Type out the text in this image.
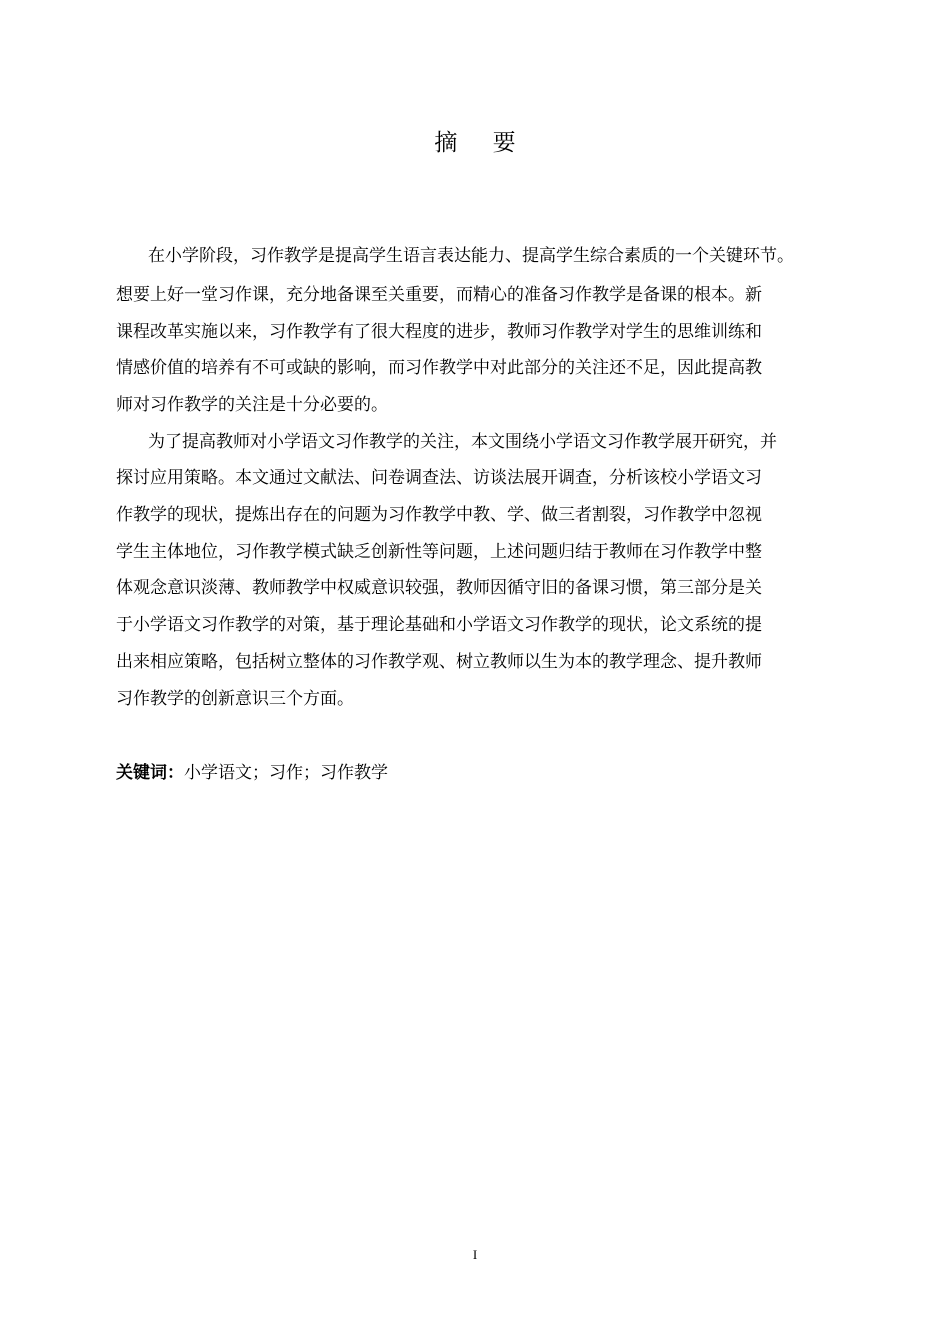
摘 要
在小学阶段，习作教学是提高学生语言表达能力、提高学生综合素质的一个关键环节。
想要上好一堂习作课，充分地备课至关重要，而精心的准备习作教学是备课的根本。新
课程改革实施以来，习作教学有了很大程度的进步，教师习作教学对学生的思维训练和
情感价值的培养有不可或缺的影响，而习作教学中对此部分的关注还不足，因此提高教
师对习作教学的关注是十分必要的。
为了提高教师对小学语文习作教学的关注，本文围绕小学语文习作教学展开研究，并
探讨应用策略。本文通过文献法、问卷调查法、访谈法展开调查，分析该校小学语文习
作教学的现状，提炼出存在的问题为习作教学中教、学、做三者割裂，习作教学中忽视
学生主体地位，习作教学模式缺乏创新性等问题，上述问题归结于教师在习作教学中整
体观念意识淡薄、教师教学中权威意识较强，教师因循守旧的备课习惯，第三部分是关
于小学语文习作教学的对策，基于理论基础和小学语文习作教学的现状，论文系统的提
出来相应策略，包括树立整体的习作教学观、树立教师以生为本的教学理念、提升教师
习作教学的创新意识三个方面。
关键词：小学语文；习作；习作教学
I
